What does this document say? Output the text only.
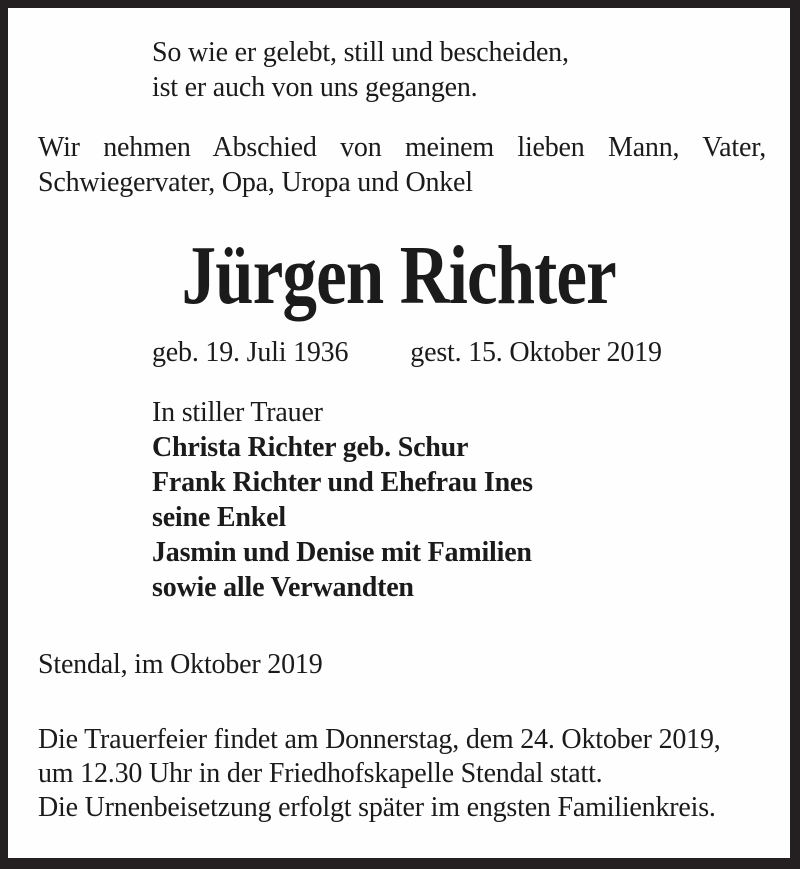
So wie er gelebt, still und bescheiden,
ist er auch von uns gegangen.
Wir nehmen Abschied von meinem lieben Mann, Vater,
Schwiegervater, Opa, Uropa und Onkel
Jürgen Richter
geb. 19. Juli 1936 gest. 15. Oktober 2019
In stiller Trauer
Christa Richter geb. Schur
Frank Richter und Ehefrau Ines
seine Enkel
Jasmin und Denise mit Familien
sowie alle Verwandten
Stendal, im Oktober 2019
Die Trauerfeier findet am Donnerstag, dem 24. Oktober 2019,
um 12.30 Uhr in der Friedhofskapelle Stendal statt.
Die Urnenbeisetzung erfolgt später im engsten Familienkreis.
